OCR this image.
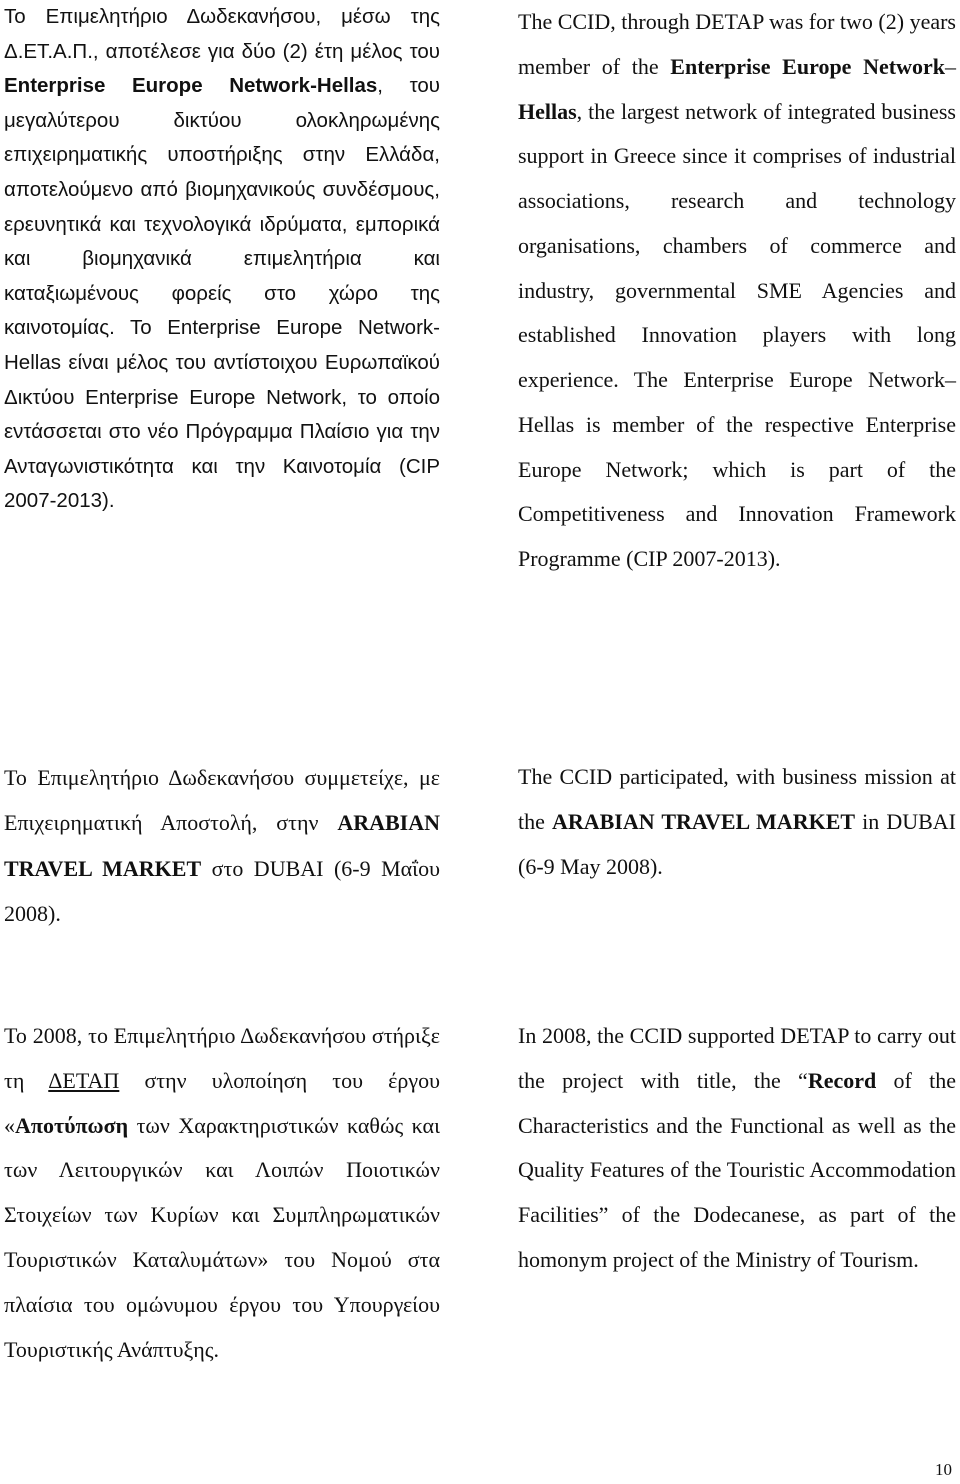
Το Επιμελητήριο Δωδεκανήσου, μέσω της Δ.ΕΤ.Α.Π., αποτέλεσε για δύο (2) έτη μέλος του Enterprise Europe Network-Hellas, του μεγαλύτερου δικτύου ολοκληρωμένης επιχειρηματικής υποστήριξης στην Ελλάδα, αποτελούμενο από βιομηχανικούς συνδέσμους, ερευνητικά και τεχνολογικά ιδρύματα, εμπορικά και βιομηχανικά επιμελητήρια και καταξιωμένους φορείς στο χώρο της καινοτομίας. Το Enterprise Europe Network-Hellas είναι μέλος του αντίστοιχου Ευρωπαϊκού Δικτύου Enterprise Europe Network, το οποίο εντάσσεται στο νέο Πρόγραμμα Πλαίσιο για την Ανταγωνιστικότητα και την Καινοτομία (CIP 2007-2013).

The CCID, through DETAP was for two (2) years member of the Enterprise Europe Network–Hellas, the largest network of integrated business support in Greece since it comprises of industrial associations, research and technology organisations, chambers of commerce and industry, governmental SME Agencies and established Innovation players with long experience. The Enterprise Europe Network–Hellas is member of the respective Enterprise Europe Network; which is part of the Competitiveness and Innovation Framework Programme (CIP 2007-2013).

Το Επιμελητήριο Δωδεκανήσου συμμετείχε, με Επιχειρηματική Αποστολή, στην ARABIAN TRAVEL MARKET στο DUBAI (6-9 Μαΐου 2008).

The CCID participated, with business mission at the ARABIAN TRAVEL MARKET in DUBAI (6-9 May 2008).

Το 2008, το Επιμελητήριο Δωδεκανήσου στήριξε τη ΔΕΤΑΠ στην υλοποίηση του έργου «Αποτύπωση των Χαρακτηριστικών καθώς και των Λειτουργικών και Λοιπών Ποιοτικών Στοιχείων των Κυρίων και Συμπληρωματικών Τουριστικών Καταλυμάτων» του Νομού στα πλαίσια του ομώνυμου έργου του Υπουργείου Τουριστικής Ανάπτυξης.

In 2008, the CCID supported DETAP to carry out the project with title, the “Record of the Characteristics and the Functional as well as the Quality Features of the Touristic Accommodation Facilities” of the Dodecanese, as part of the homonym project of the Ministry of Tourism.

10
